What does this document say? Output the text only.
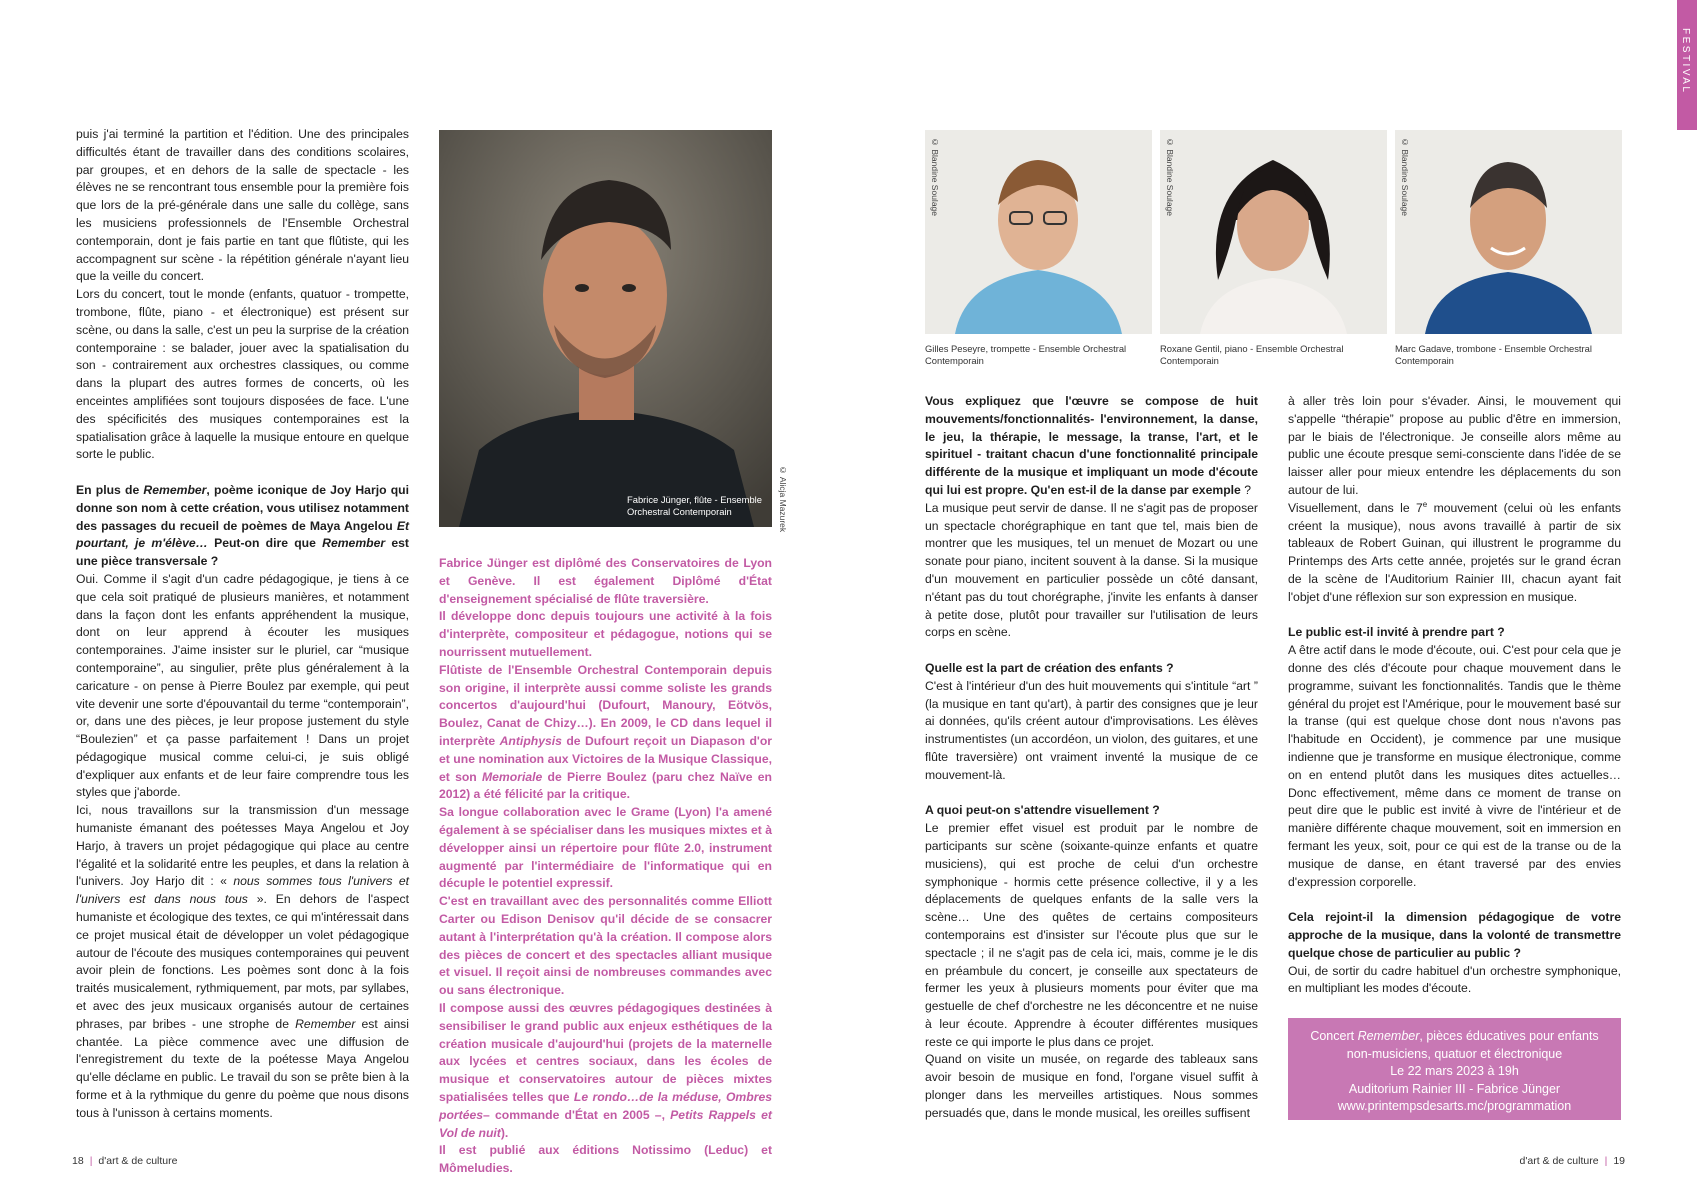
FESTIVAL

puis j'ai terminé la partition et l'édition. Une des principales difficultés étant de travailler dans des conditions scolaires, par groupes, et en dehors de la salle de spectacle - les élèves ne se rencontrant tous ensemble pour la première fois que lors de la pré-générale dans une salle du collège, sans les musiciens professionnels de l'Ensemble Orchestral contemporain, dont je fais partie en tant que flûtiste, qui les accompagnent sur scène - la répétition générale n'ayant lieu que la veille du concert.

Lors du concert, tout le monde (enfants, quatuor - trompette, trombone, flûte, piano - et électronique) est présent sur scène, ou dans la salle, c'est un peu la surprise de la création contemporaine : se balader, jouer avec la spatialisation du son - contrairement aux orchestres classiques, ou comme dans la plupart des autres formes de concerts, où les enceintes amplifiées sont toujours disposées de face. L'une des spécificités des musiques contemporaines est la spatialisation grâce à laquelle la musique entoure en quelque sorte le public.

En plus de Remember, poème iconique de Joy Harjo qui donne son nom à cette création, vous utilisez notamment des passages du recueil de poèmes de Maya Angelou Et pourtant, je m'élève… Peut-on dire que Remember est une pièce transversale ?

Oui. Comme il s'agit d'un cadre pédagogique, je tiens à ce que cela soit pratiqué de plusieurs manières, et notamment dans la façon dont les enfants appréhendent la musique, dont on leur apprend à écouter les musiques contemporaines. J'aime insister sur le pluriel, car “musique contemporaine”, au singulier, prête plus généralement à la caricature - on pense à Pierre Boulez par exemple, qui peut vite devenir une sorte d'épouvantail du terme “contemporain”, or, dans une des pièces, je leur propose justement du style “Boulezien” et ça passe parfaitement ! Dans un projet pédagogique musical comme celui-ci, je suis obligé d'expliquer aux enfants et de leur faire comprendre tous les styles que j'aborde.

Ici, nous travaillons sur la transmission d'un message humaniste émanant des poétesses Maya Angelou et Joy Harjo, à travers un projet pédagogique qui place au centre l'égalité et la solidarité entre les peuples, et dans la relation à l'univers. Joy Harjo dit : « nous sommes tous l'univers et l'univers est dans nous tous ». En dehors de l'aspect humaniste et écologique des textes, ce qui m'intéressait dans ce projet musical était de développer un volet pédagogique autour de l'écoute des musiques contemporaines qui peuvent avoir plein de fonctions. Les poèmes sont donc à la fois traités musicalement, rythmiquement, par mots, par syllabes, et avec des jeux musicaux organisés autour de certaines phrases, par bribes - une strophe de Remember est ainsi chantée. La pièce commence avec une diffusion de l'enregistrement du texte de la poétesse Maya Angelou qu'elle déclame en public. Le travail du son se prête bien à la forme et à la rythmique du genre du poème que nous disons tous à l'unisson à certains moments.

Fabrice Jünger, flûte - Ensemble Orchestral Contemporain	© Alicja Mazurek

Fabrice Jünger est diplômé des Conservatoires de Lyon et Genève. Il est également Diplômé d'État d'enseignement spécialisé de flûte traversière.

Il développe donc depuis toujours une activité à la fois d'interprète, compositeur et pédagogue, notions qui se nourrissent mutuellement.

Flûtiste de l'Ensemble Orchestral Contemporain depuis son origine, il interprète aussi comme soliste les grands concertos d'aujourd'hui (Dufourt, Manoury, Eötvös, Boulez, Canat de Chizy…). En 2009, le CD dans lequel il interprète Antiphysis de Dufourt reçoit un Diapason d'or et une nomination aux Victoires de la Musique Classique, et son Memoriale de Pierre Boulez (paru chez Naïve en 2012) a été félicité par la critique.

Sa longue collaboration avec le Grame (Lyon) l'a amené également à se spécialiser dans les musiques mixtes et à développer ainsi un répertoire pour flûte 2.0, instrument augmenté par l'intermédiaire de l'informatique qui en décuple le potentiel expressif.

C'est en travaillant avec des personnalités comme Elliott Carter ou Edison Denisov qu'il décide de se consacrer autant à l'interprétation qu'à la création. Il compose alors des pièces de concert et des spectacles alliant musique et visuel. Il reçoit ainsi de nombreuses commandes avec ou sans électronique.

Il compose aussi des œuvres pédagogiques destinées à sensibiliser le grand public aux enjeux esthétiques de la création musicale d'aujourd'hui (projets de la maternelle aux lycées et centres sociaux, dans les écoles de musique et conservatoires autour de pièces mixtes spatialisées telles que Le rondo…de la méduse, Ombres portées– commande d'État en 2005 –, Petits Rappels et Vol de nuit).

Il est publié aux éditions Notissimo (Leduc) et Mômeludies.

© Blandine Soulage
Gilles Peseyre, trompette - Ensemble Orchestral Contemporain
© Blandine Soulage
Roxane Gentil, piano - Ensemble Orchestral Contemporain
© Blandine Soulage
Marc Gadave, trombone - Ensemble Orchestral Contemporain

Vous expliquez que l'œuvre se compose de huit mouvements/fonctionnalités- l'environnement, la danse, le jeu, la thérapie, le message, la transe, l'art, et le spirituel - traitant chacun d'une fonctionnalité principale différente de la musique et impliquant un mode d'écoute qui lui est propre. Qu'en est-il de la danse par exemple ?

La musique peut servir de danse. Il ne s'agit pas de proposer un spectacle chorégraphique en tant que tel, mais bien de montrer que les musiques, tel un menuet de Mozart ou une sonate pour piano, incitent souvent à la danse. Si la musique d'un mouvement en particulier possède un côté dansant, n'étant pas du tout chorégraphe, j'invite les enfants à danser à petite dose, plutôt pour travailler sur l'utilisation de leurs corps en scène.

Quelle est la part de création des enfants ?

C'est à l'intérieur d'un des huit mouvements qui s'intitule “art ” (la musique en tant qu'art), à partir des consignes que je leur ai données, qu'ils créent autour d'improvisations. Les élèves instrumentistes (un accordéon, un violon, des guitares, et une flûte traversière) ont vraiment inventé la musique de ce mouvement-là.

A quoi peut-on s'attendre visuellement ?

Le premier effet visuel est produit par le nombre de participants sur scène (soixante-quinze enfants et quatre musiciens), qui est proche de celui d'un orchestre symphonique - hormis cette présence collective, il y a les déplacements de quelques enfants de la salle vers la scène… Une des quêtes de certains compositeurs contemporains est d'insister sur l'écoute plus que sur le spectacle ; il ne s'agit pas de cela ici, mais, comme je le dis en préambule du concert, je conseille aux spectateurs de fermer les yeux à plusieurs moments pour éviter que ma gestuelle de chef d'orchestre ne les déconcentre et ne nuise à leur écoute. Apprendre à écouter différentes musiques reste ce qui importe le plus dans ce projet.

Quand on visite un musée, on regarde des tableaux sans avoir besoin de musique en fond, l'organe visuel suffit à plonger dans les merveilles artistiques. Nous sommes persuadés que, dans le monde musical, les oreilles suffisent

à aller très loin pour s'évader. Ainsi, le mouvement qui s'appelle “thérapie” propose au public d'être en immersion, par le biais de l'électronique. Je conseille alors même au public une écoute presque semi-consciente dans l'idée de se laisser aller pour mieux entendre les déplacements du son autour de lui.

Visuellement, dans le 7e mouvement (celui où les enfants créent la musique), nous avons travaillé à partir de six tableaux de Robert Guinan, qui illustrent le programme du Printemps des Arts cette année, projetés sur le grand écran de la scène de l'Auditorium Rainier III, chacun ayant fait l'objet d'une réflexion sur son expression en musique.

Le public est-il invité à prendre part ?

A être actif dans le mode d'écoute, oui. C'est pour cela que je donne des clés d'écoute pour chaque mouvement dans le programme, suivant les fonctionnalités. Tandis que le thème général du projet est l'Amérique, pour le mouvement basé sur la transe (qui est quelque chose dont nous n'avons pas l'habitude en Occident), je commence par une musique indienne que je transforme en musique électronique, comme on en entend plutôt dans les musiques dites actuelles… Donc effectivement, même dans ce moment de transe on peut dire que le public est invité à vivre de l'intérieur et de manière différente chaque mouvement, soit en immersion en fermant les yeux, soit, pour ce qui est de la transe ou de la musique de danse, en étant traversé par des envies d'expression corporelle.

Cela rejoint-il la dimension pédagogique de votre approche de la musique, dans la volonté de transmettre quelque chose de particulier au public ?

Oui, de sortir du cadre habituel d'un orchestre symphonique, en multipliant les modes d'écoute.

Concert Remember, pièces éducatives pour enfants
non-musiciens, quatuor et électronique
Le 22 mars 2023 à 19h
Auditorium Rainier III - Fabrice Jünger
www.printempsdesarts.mc/programmation
18 | d'art & de culture	d'art & de culture | 19
